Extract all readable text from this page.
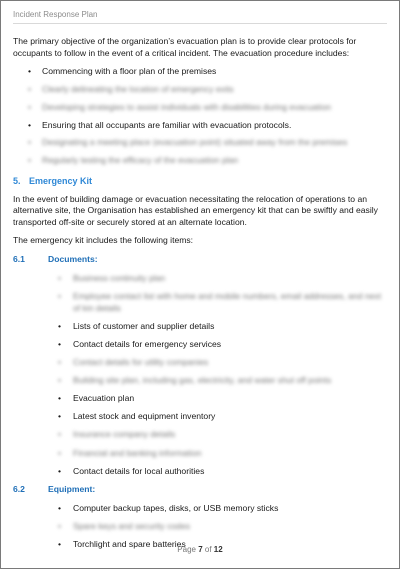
Incident Response Plan

The primary objective of the organization’s evacuation plan is to provide clear protocols for occupants to follow in the event of a critical incident. The evacuation procedure includes:

• Commencing with a floor plan of the premises
• Clearly delineating the location of emergency exits
• Developing strategies to assist individuals with disabilities during evacuation
• Ensuring that all occupants are familiar with evacuation protocols.
• Designating a meeting place (evacuation point) situated away from the premises
• Regularly testing the efficacy of the evacuation plan
5. Emergency Kit

In the event of building damage or evacuation necessitating the relocation of operations to an alternative site, the Organisation has established an emergency kit that can be swiftly and easily transported off-site or securely stored at an alternate location.

The emergency kit includes the following items:

6.1	Documents:
• Business continuity plan
• Employee contact list with home and mobile numbers, email addresses, and next of kin details
• Lists of customer and supplier details
• Contact details for emergency services
• Contact details for utility companies
• Building site plan, including gas, electricity, and water shut off points
• Evacuation plan
• Latest stock and equipment inventory
• Insurance company details
• Financial and banking information
• Contact details for local authorities
6.2	Equipment:
• Computer backup tapes, disks, or USB memory sticks
• Spare keys and security codes
• Torchlight and spare batteries
Page 7 of 12
